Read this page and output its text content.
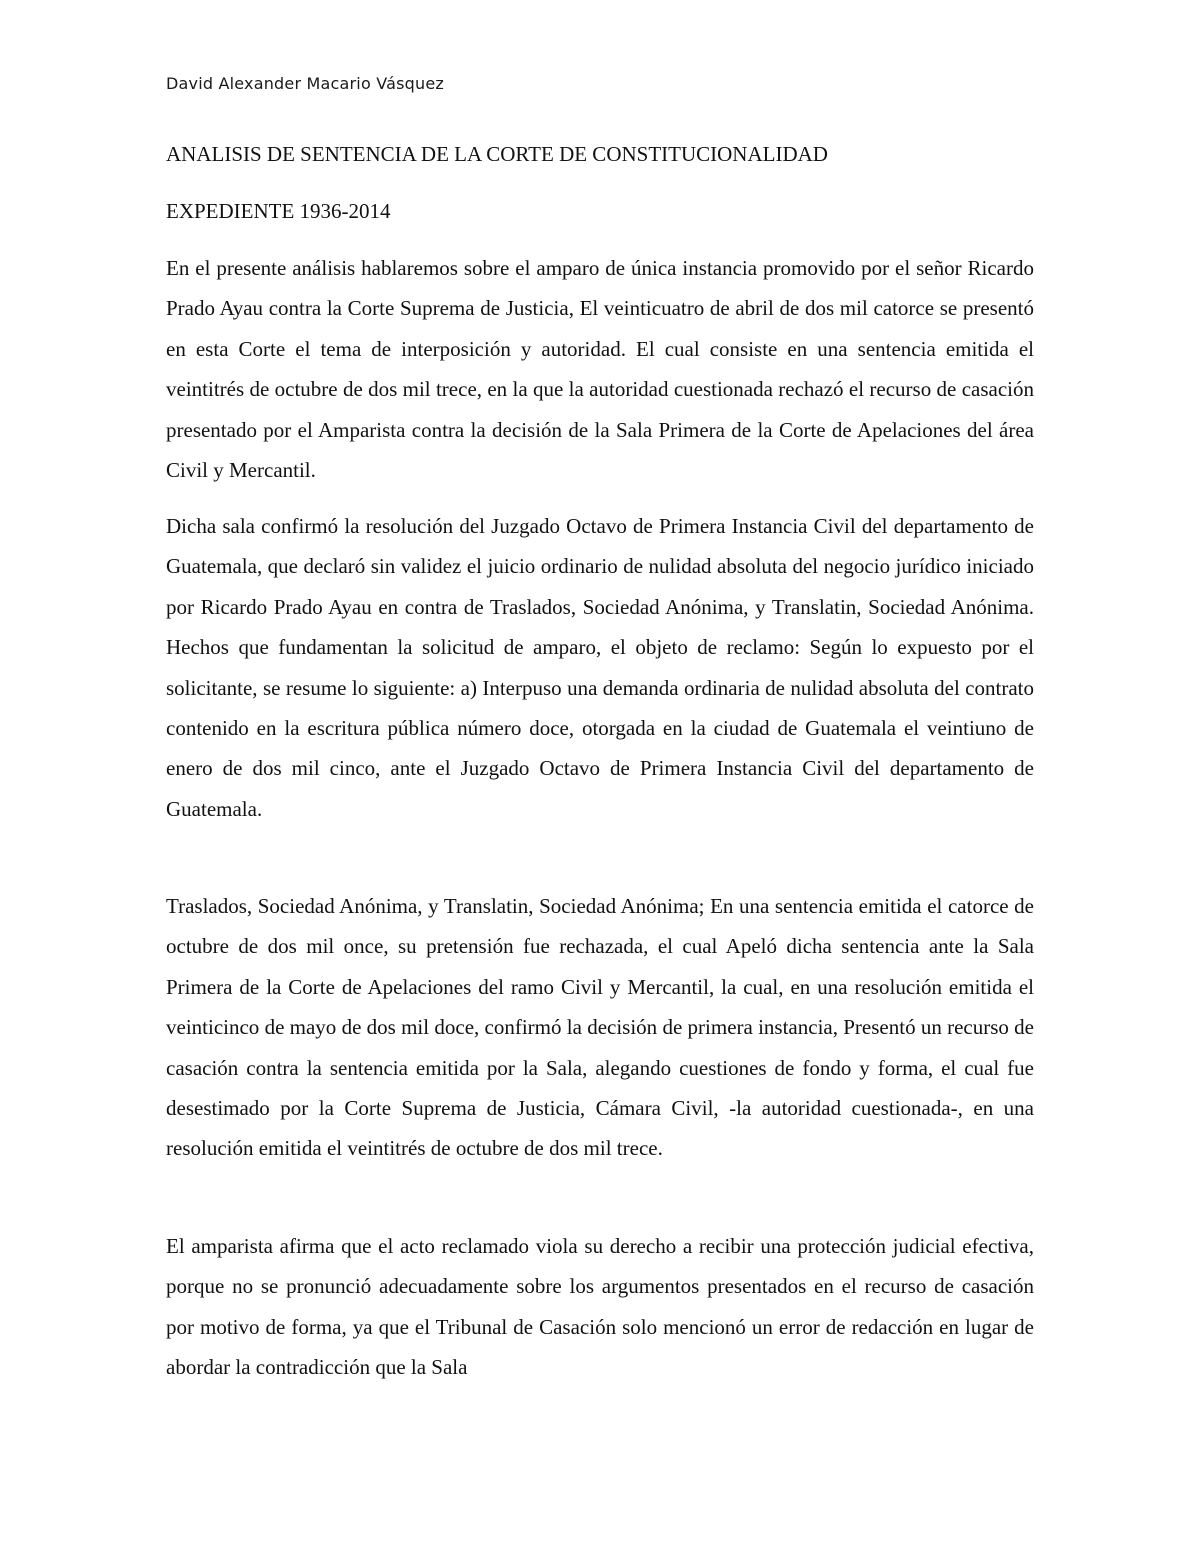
David Alexander Macario Vásquez
ANALISIS DE SENTENCIA DE LA CORTE DE CONSTITUCIONALIDAD
EXPEDIENTE 1936-2014
En el presente análisis hablaremos sobre el amparo de única instancia promovido por el señor Ricardo Prado Ayau contra la Corte Suprema de Justicia, El veinticuatro de abril de dos mil catorce se presentó en esta Corte el tema de interposición y autoridad. El cual consiste en una sentencia emitida el veintitrés de octubre de dos mil trece, en la que la autoridad cuestionada rechazó el recurso de casación presentado por el Amparista contra la decisión de la Sala Primera de la Corte de Apelaciones del área Civil y Mercantil.
Dicha sala confirmó la resolución del Juzgado Octavo de Primera Instancia Civil del departamento de Guatemala, que declaró sin validez el juicio ordinario de nulidad absoluta del negocio jurídico iniciado por Ricardo Prado Ayau en contra de Traslados, Sociedad Anónima, y Translatin, Sociedad Anónima. Hechos que fundamentan la solicitud de amparo, el objeto de reclamo: Según lo expuesto por el solicitante, se resume lo siguiente: a) Interpuso una demanda ordinaria de nulidad absoluta del contrato contenido en la escritura pública número doce, otorgada en la ciudad de Guatemala el veintiuno de enero de dos mil cinco, ante el Juzgado Octavo de Primera Instancia Civil del departamento de Guatemala.
Traslados, Sociedad Anónima, y Translatin, Sociedad Anónima; En una sentencia emitida el catorce de octubre de dos mil once, su pretensión fue rechazada, el cual Apeló dicha sentencia ante la Sala Primera de la Corte de Apelaciones del ramo Civil y Mercantil, la cual, en una resolución emitida el veinticinco de mayo de dos mil doce, confirmó la decisión de primera instancia, Presentó un recurso de casación contra la sentencia emitida por la Sala, alegando cuestiones de fondo y forma, el cual fue desestimado por la Corte Suprema de Justicia, Cámara Civil, -la autoridad cuestionada-, en una resolución emitida el veintitrés de octubre de dos mil trece.
El amparista afirma que el acto reclamado viola su derecho a recibir una protección judicial efectiva, porque no se pronunció adecuadamente sobre los argumentos presentados en el recurso de casación por motivo de forma, ya que el Tribunal de Casación solo mencionó un error de redacción en lugar de abordar la contradicción que la Sala
